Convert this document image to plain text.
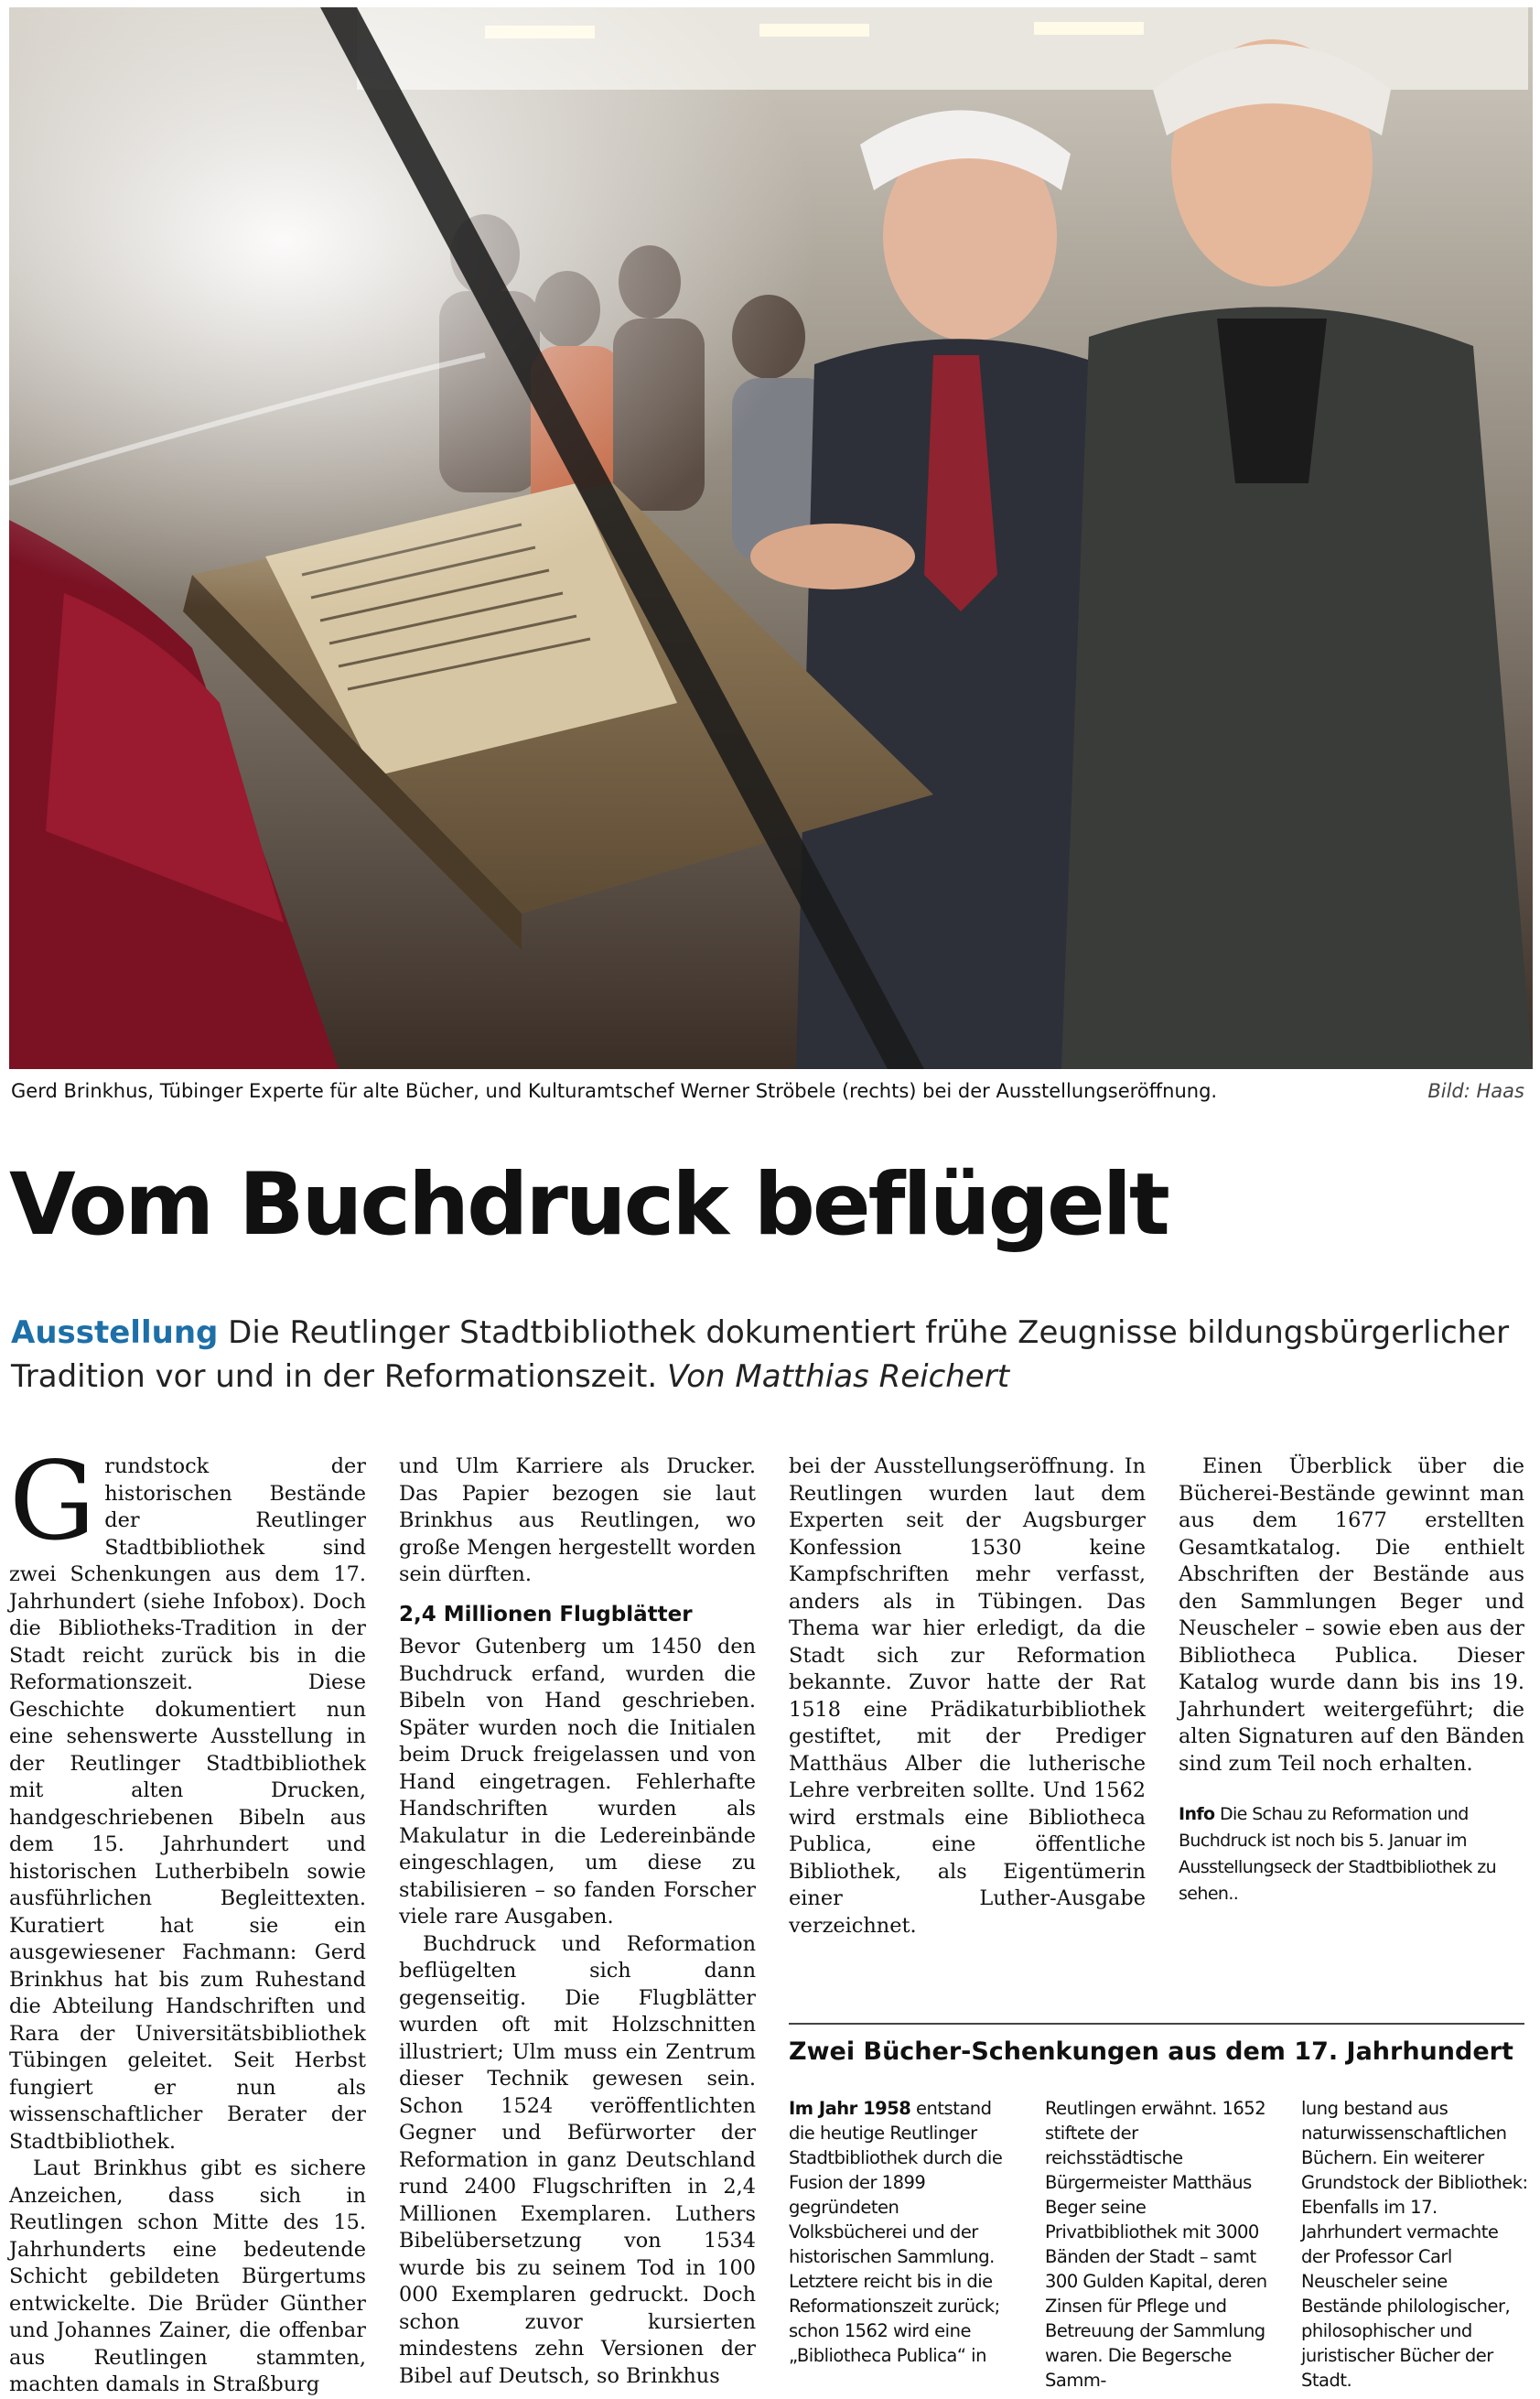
Gerd Brinkhus, Tübinger Experte für alte Bücher, und Kulturamtschef Werner Ströbele (rechts) bei der Ausstellungseröffnung.	Bild: Haas
Vom Buchdruck beflügelt
Ausstellung Die Reutlinger Stadtbibliothek dokumentiert frühe Zeugnisse bildungsbürgerlicher Tradition vor und in der Reformationszeit. Von Matthias Reichert

Grundstock der historischen Bestände der Reutlinger Stadtbibliothek sind zwei Schenkungen aus dem 17. Jahrhundert (siehe Infobox). Doch die Bibliotheks-Tradition in der Stadt reicht zurück bis in die Reformationszeit. Diese Geschichte dokumentiert nun eine sehenswerte Ausstellung in der Reutlinger Stadtbibliothek mit alten Drucken, handgeschriebenen Bibeln aus dem 15. Jahrhundert und historischen Lutherbibeln sowie ausführlichen Begleittexten. Kuratiert hat sie ein ausgewiesener Fachmann: Gerd Brinkhus hat bis zum Ruhestand die Abteilung Handschriften und Rara der Universitätsbibliothek Tübingen geleitet. Seit Herbst fungiert er nun als wissenschaftlicher Berater der Stadtbibliothek.

Laut Brinkhus gibt es sichere Anzeichen, dass sich in Reutlingen schon Mitte des 15. Jahrhunderts eine bedeutende Schicht gebildeten Bürgertums entwickelte. Die Brüder Günther und Johannes Zainer, die offenbar aus Reutlingen stammten, machten damals in Straßburg

und Ulm Karriere als Drucker. Das Papier bezogen sie laut Brinkhus aus Reutlingen, wo große Mengen hergestellt worden sein dürften.

2,4 Millionen Flugblätter

Bevor Gutenberg um 1450 den Buchdruck erfand, wurden die Bibeln von Hand geschrieben. Später wurden noch die Initialen beim Druck freigelassen und von Hand eingetragen. Fehlerhafte Handschriften wurden als Makulatur in die Ledereinbände eingeschlagen, um diese zu stabilisieren – so fanden Forscher viele rare Ausgaben.

Buchdruck und Reformation beflügelten sich dann gegenseitig. Die Flugblätter wurden oft mit Holzschnitten illustriert; Ulm muss ein Zentrum dieser Technik gewesen sein. Schon 1524 veröffentlichten Gegner und Befürworter der Reformation in ganz Deutschland rund 2400 Flugschriften in 2,4 Millionen Exemplaren. Luthers Bibelübersetzung von 1534 wurde bis zu seinem Tod in 100 000 Exemplaren gedruckt. Doch schon zuvor kursierten mindestens zehn Versionen der Bibel auf Deutsch, so Brinkhus

bei der Ausstellungseröffnung. In Reutlingen wurden laut dem Experten seit der Augsburger Konfession 1530 keine Kampfschriften mehr verfasst, anders als in Tübingen. Das Thema war hier erledigt, da die Stadt sich zur Reformation bekannte. Zuvor hatte der Rat 1518 eine Prädikaturbibliothek gestiftet, mit der Prediger Matthäus Alber die lutherische Lehre verbreiten sollte. Und 1562 wird erstmals eine Bibliotheca Publica, eine öffentliche Bibliothek, als Eigentümerin einer Luther-Ausgabe verzeichnet.

Einen Überblick über die Bücherei-Bestände gewinnt man aus dem 1677 erstellten Gesamtkatalog. Die enthielt Abschriften der Bestände aus den Sammlungen Beger und Neuscheler – sowie eben aus der Bibliotheca Publica. Dieser Katalog wurde dann bis ins 19. Jahrhundert weitergeführt; die alten Signaturen auf den Bänden sind zum Teil noch erhalten.

Info Die Schau zu Reformation und Buchdruck ist noch bis 5. Januar im Ausstellungseck der Stadtbibliothek zu sehen..
Zwei Bücher-Schenkungen aus dem 17. Jahrhundert
Im Jahr 1958 entstand die heutige Reutlinger Stadtbibliothek durch die Fusion der 1899 gegründeten Volksbücherei und der historischen Sammlung. Letztere reicht bis in die Reformationszeit zurück; schon 1562 wird eine „Bibliotheca Publica“ in
Reutlingen erwähnt. 1652 stiftete der reichsstädtische Bürgermeister Matthäus Beger seine Privatbibliothek mit 3000 Bänden der Stadt – samt 300 Gulden Kapital, deren Zinsen für Pflege und Betreuung der Sammlung waren. Die Begersche Samm-
lung bestand aus naturwissenschaftlichen Büchern. Ein weiterer Grundstock der Bibliothek: Ebenfalls im 17. Jahrhundert vermachte der Professor Carl Neuscheler seine Bestände philologischer, philosophischer und juristischer Bücher der Stadt.
